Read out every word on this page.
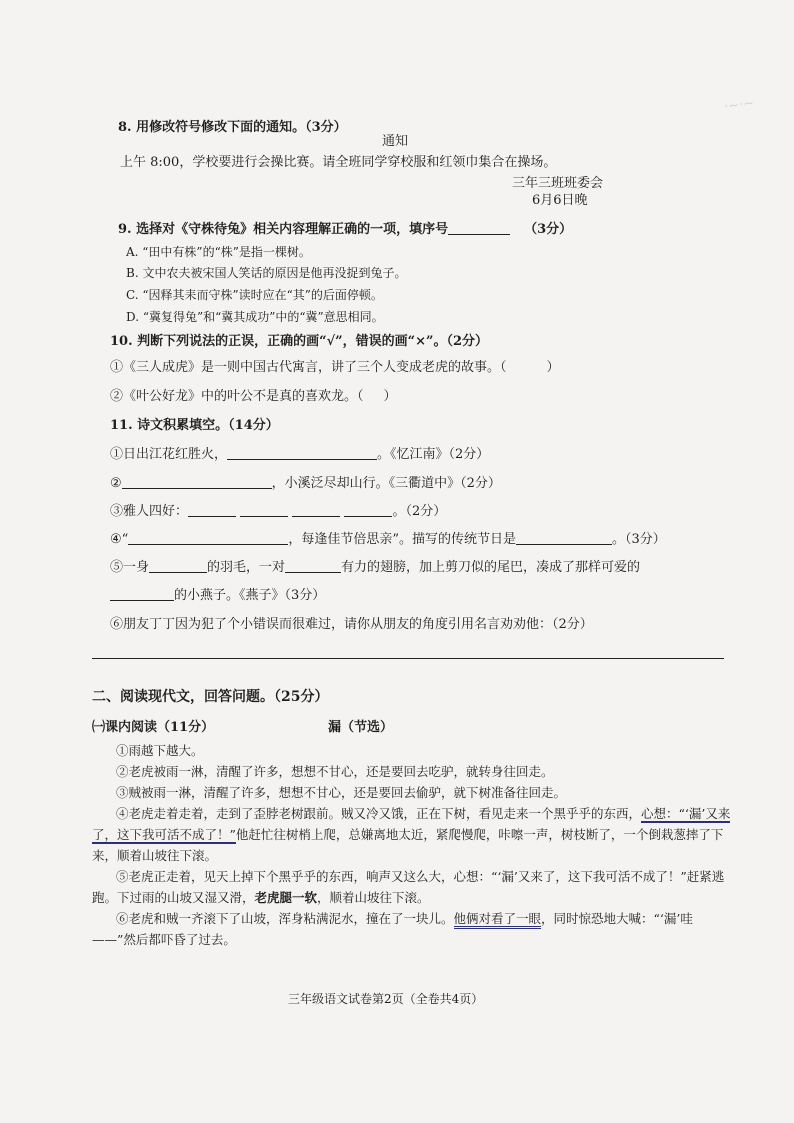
·~·~
8. 用修改符号修改下面的通知。（3分）
通知
上午 8:00，学校要进行会操比赛。请全班同学穿校服和红领巾集合在操场。
三年三班班委会
6月6日晚
9. 选择对《守株待兔》相关内容理解正确的一项，填序号	（3分）
A. “田中有株”的“株”是指一棵树。
B. 文中农夫被宋国人笑话的原因是他再没捉到兔子。
C. “因释其耒而守株”读时应在“其”的后面停顿。
D. “冀复得兔”和“冀其成功”中的“冀”意思相同。
10. 判断下列说法的正误，正确的画“√”，错误的画“×”。（2分）
①《三人成虎》是一则中国古代寓言，讲了三个人变成老虎的故事。（	）
②《叶公好龙》中的叶公不是真的喜欢龙。（ ）
11. 诗文积累填空。（14分）
①日出江花红胜火，	。《忆江南》（2分）
②	，小溪泛尽却山行。《三衢道中》（2分）
③雅人四好：	。（2分）
④“	，每逢佳节倍思亲”。描写的传统节日是	。（3分）
⑤一身	的羽毛，一对	有力的翅膀，加上剪刀似的尾巴，凑成了那样可爱的
的小燕子。《燕子》（3分）
⑥朋友丁丁因为犯了个小错误而很难过，请你从朋友的角度引用名言劝劝他：（2分）
二、阅读现代文，回答问题。（25分）
㈠课内阅读（11分）	漏（节选）
①雨越下越大。
②老虎被雨一淋，清醒了许多，想想不甘心，还是要回去吃驴，就转身往回走。
③贼被雨一淋，清醒了许多，想想不甘心，还是要回去偷驴，就下树准备往回走。
④老虎走着走着，走到了歪脖老树跟前。贼又冷又饿，正在下树，看见走来一个黑乎乎的东西，心想：“‘漏’又来了，这下我可活不成了！”他赶忙往树梢上爬，总嫌离地太近，紧爬慢爬，咔嚓一声，树枝断了，一个倒栽葱摔了下来，顺着山坡往下滚。
⑤老虎正走着，见天上掉下个黑乎乎的东西，响声又这么大，心想：“‘漏’又来了，这下我可活不成了！”赶紧逃跑。下过雨的山坡又湿又滑，老虎腿一软，顺着山坡往下滚。
⑥老虎和贼一齐滚下了山坡，浑身粘满泥水，撞在了一块儿。他俩对看了一眼，同时惊恐地大喊：“‘漏’哇——”然后都吓昏了过去。
三年级语文试卷第2页（全卷共4页）
